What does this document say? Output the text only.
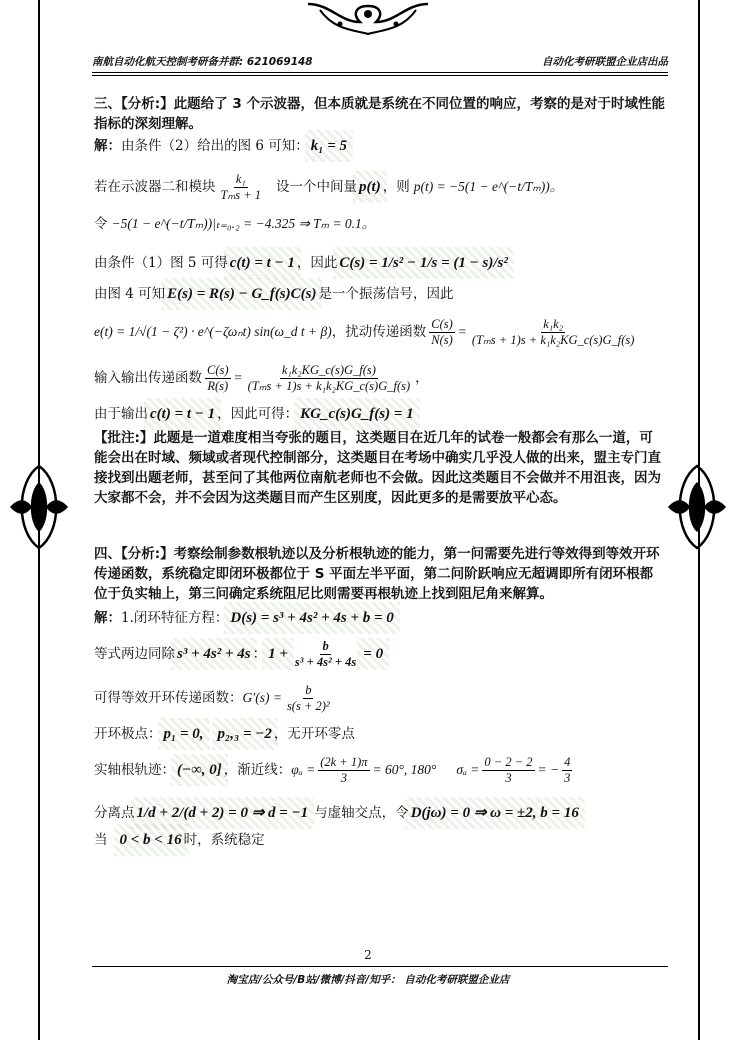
南航自动化航天控制考研备并群: 621069148	自动化考研联盟企业店出品

三、【分析:】此题给了 3 个示波器，但本质就是系统在不同位置的响应，考察的是对于时域性能指标的深刻理解。

解： 由条件（2）给出的图 6 可知： k₁ = 5
若在示波器二和模块 $\frac{\text{k₁}}{\text{Tₘs + 1}}$ 设一个中间量 p(t) ，则 p(t) = −5(1 − e^(−t/Tₘ))。
令 −5(1 − e^(−t/Tₘ))|ₜ₌₀.₂ = −4.325 ⇒ Tₘ = 0.1。
由条件（1）图 5 可得 c(t) = t − 1 ，因此 C(s) = 1/s² − 1/s = (1 − s)/s²
由图 4 可知 E(s) = R(s) − G_f(s)C(s) 是一个振荡信号，因此
e(t) = 1/√(1 − ζ²) · e^(−ζωₙt) sin(ω_d t + β) ，扰动传递函数 $\frac{C(s)}{N(s)} = \frac{\text{k₁k₂}}{\text{(Tₘs + 1)s + k₁k₂KG\_c(s)G\_f(s)}}$
输入输出传递函数 $\frac{C(s)}{R(s)} = \frac{\text{k₁k₂KG\_c(s)G\_f(s)}}{\text{(Tₘs + 1)s + k₁k₂KG\_c(s)G\_f(s)}}$ ，
由于输出 c(t) = t − 1 ，因此可得： KG_c(s)G_f(s) = 1

【批注:】此题是一道难度相当夸张的题目，这类题目在近几年的试卷一般都会有那么一道，可能会出在时域、频域或者现代控制部分，这类题目在考场中确实几乎没人做的出来，盟主专门直接找到出题老师，甚至问了其他两位南航老师也不会做。因此这类题目不会做并不用沮丧，因为大家都不会，并不会因为这类题目而产生区别度，因此更多的是需要放平心态。

四、【分析:】考察绘制参数根轨迹以及分析根轨迹的能力，第一问需要先进行等效得到等效开环传递函数，系统稳定即闭环极都位于 S 平面左半平面，第二问阶跃响应无超调即所有闭环根都位于负实轴上，第三问确定系统阻尼比则需要再根轨迹上找到阻尼角来解算。

解： 1.闭环特征方程： D(s) = s³ + 4s² + 4s + b = 0
等式两边同除 s³ + 4s² + 4s ： $1 + \frac{b}{\text{s³ + 4s² + 4s}} = 0$
可得等效开环传递函数： $G'(s) = \frac{b}{\text{s(s + 2)²}}$
开环极点： p₁ = 0, p₂,₃ = −2 ，无开环零点
实轴根轨迹： (−∞, 0] ，渐近线： $\varphi_a = \frac{(2k + 1)\pi}{3} = 60^\circ$, 180° $\sigma_a = \frac{0 - 2 - 2}{3}$ = − $\frac{4}{3}$
分离点 1/d + 2/(d + 2) = 0 ⇒ d = −1 与虚轴交点，令 D(jω) = 0 ⇒ ω = ±2, b = 16
当 0 < b < 16 时，系统稳定
2
淘宝店/公众号/B站/微博/抖音/知乎： 自动化考研联盟企业店
